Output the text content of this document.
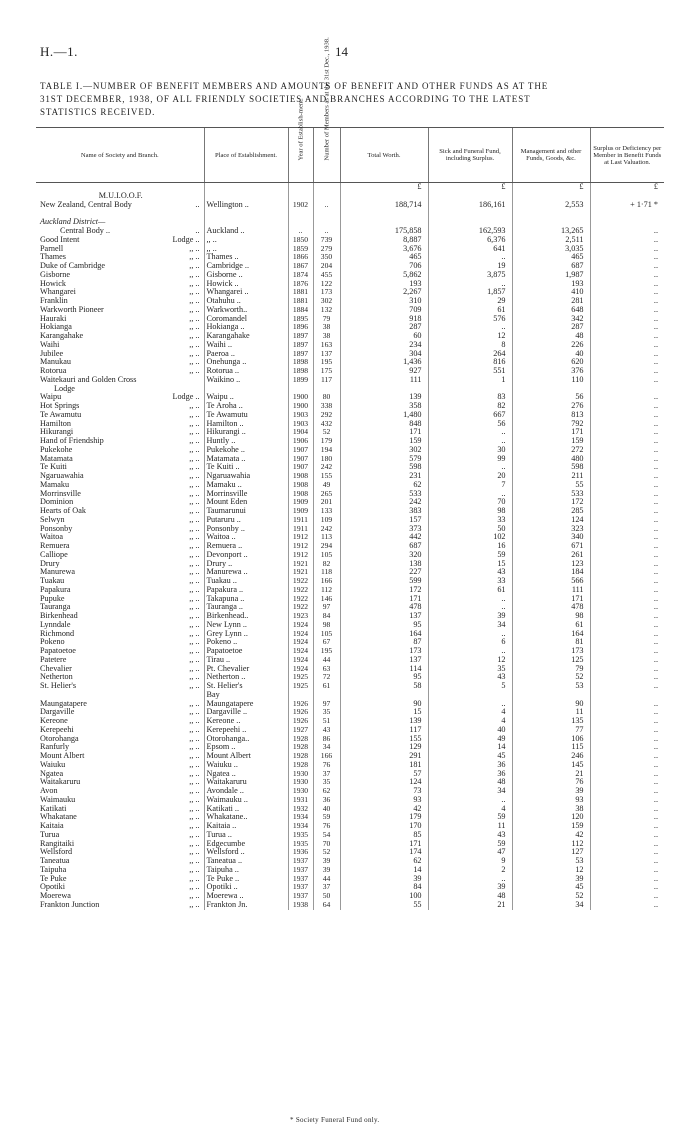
H.—1.	14
TABLE I.—NUMBER OF BENEFIT MEMBERS AND AMOUNTS OF BENEFIT AND OTHER FUNDS AS AT THE
31ST DECEMBER, 1938, OF ALL FRIENDLY SOCIETIES AND BRANCHES ACCORDING TO THE LATEST
STATISTICS RECEIVED.
Name of Society and Branch.	Place of Establishment.	Year of Establish-ment.	Number of Members as at the 31st Dec., 1938.	Total Worth.	Sick and Funeral Fund, including Surplus.	Management and other Funds, Goods, &c.	Surplus or Deficiency per Member in Benefit Funds at Last Valuation.
				£	£	£	£
M.U.I.O.O.F.							
New Zealand, Central Body ..	Wellington ..	1902	..	188,714	186,161	2,553	+ 1·71 *

Auckland District—							
Central Body .. ..	Auckland ..	..	..	175,858	162,593	13,265	..
Good Intent Lodge ..	,, ..	1850	739	8,887	6,376	2,511	..
Parnell ,, ..	,, ..	1859	279	3,676	641	3,035	..
Thames ,, ..	Thames ..	1866	350	465	..	465	..
Duke of Cambridge ,, ..	Cambridge ..	1867	204	706	19	687	..
Gisborne ,, ..	Gisborne ..	1874	455	5,862	3,875	1,987	..
Howick ,, ..	Howick ..	1876	122	193	..	193	..
Whangarei ,, ..	Whangarei ..	1881	173	2,267	1,857	410	..
Franklin ,, ..	Otahuhu ..	1881	302	310	29	281	..
Warkworth Pioneer ,, ..	Warkworth..	1884	132	709	61	648	..
Hauraki ,, ..	Coromandel	1895	79	918	576	342	..
Hokianga ,, ..	Hokianga ..	1896	38	287	..	287	..
Karangahake ,, ..	Karangahake	1897	38	60	12	48	..
Waihi ,, ..	Waihi ..	1897	163	234	8	226	..
Jubilee ,, ..	Paeroa ..	1897	137	304	264	40	..
Manukau ,, ..	Onehunga ..	1898	195	1,436	816	620	..
Rotorua ,, ..	Rotorua ..	1898	175	927	551	376	..
Waitekauri and Golden Cross	Waikino ..	1899	117	111	1	110	..
Lodge

Waipu Lodge ..	Waipu ..	1900	80	139	83	56	..
Hot Springs ,, ..	Te Aroha ..	1900	338	358	82	276	..
Te Awamutu ,, ..	Te Awamutu	1903	292	1,480	667	813	..
Hamilton ,, ..	Hamilton ..	1903	432	848	56	792	..
Hikurangi ,, ..	Hikurangi ..	1904	52	171	..	171	..
Hand of Friendship ,, ..	Huntly ..	1906	179	159	..	159	..
Pukekohe ,, ..	Pukekohe ..	1907	194	302	30	272	..
Matamata ,, ..	Matamata ..	1907	180	579	99	480	..
Te Kuiti ,, ..	Te Kuiti ..	1907	242	598	..	598	..
Ngaruawahia ,, ..	Ngaruawahia	1908	155	231	20	211	..
Mamaku ,, ..	Mamaku ..	1908	49	62	7	55	..
Morrinsville ,, ..	Morrinsville	1908	265	533	..	533	..
Dominion ,, ..	Mount Eden	1909	201	242	70	172	..
Hearts of Oak ,, ..	Taumarunui	1909	133	383	98	285	..
Selwyn ,, ..	Putaruru ..	1911	109	157	33	124	..
Ponsonby ,, ..	Ponsonby ..	1911	242	373	50	323	..
Waitoa ,, ..	Waitoa ..	1912	113	442	102	340	..
Remuera ,, ..	Remuera ..	1912	294	687	16	671	..
Calliope ,, ..	Devonport ..	1912	105	320	59	261	..
Drury ,, ..	Drury ..	1921	82	138	15	123	..
Manurewa ,, ..	Manurewa ..	1921	118	227	43	184	..
Tuakau ,, ..	Tuakau ..	1922	166	599	33	566	..
Papakura ,, ..	Papakura ..	1922	112	172	61	111	..
Pupuke ,, ..	Takapuna ..	1922	146	171	..	171	..
Tauranga ,, ..	Tauranga ..	1922	97	478	..	478	..
Birkenhead ,, ..	Birkenhead..	1923	84	137	39	98	..
Lynndale ,, ..	New Lynn ..	1924	98	95	34	61	..
Richmond ,, ..	Grey Lynn ..	1924	105	164	..	164	..
Pokeno ,, ..	Pokeno ..	1924	67	87	6	81	..
Papatoetoe ,, ..	Papatoetoe	1924	195	173	..	173	..
Patetere ,, ..	Tirau ..	1924	44	137	12	125	..
Chevalier ,, ..	Pt. Chevalier	1924	63	114	35	79	..
Netherton ,, ..	Netherton ..	1925	72	95	43	52	..
St. Helier's ,, ..	St. Helier's	1925	61	58	5	53	..

	Bay						
Maungatapere ,, ..	Maungatapere	1926	97	90	..	90	..
Dargaville ,, ..	Dargaville ..	1926	35	15	4	11	..
Kereone ,, ..	Kereone ..	1926	51	139	4	135	..
Kerepeehi ,, ..	Kerepeehi ..	1927	43	117	40	77	..
Otorohanga ,, ..	Otorohanga..	1928	86	155	49	106	..
Ranfurly ,, ..	Epsom ..	1928	34	129	14	115	..
Mount Albert ,, ..	Mount Albert	1928	166	291	45	246	..
Waiuku ,, ..	Waiuku ..	1928	76	181	36	145	..
Ngatea ,, ..	Ngatea ..	1930	37	57	36	21	..
Waitakaruru ,, ..	Waitakaruru	1930	35	124	48	76	..
Avon ,, ..	Avondale ..	1930	62	73	34	39	..
Waimauku ,, ..	Waimauku ..	1931	36	93	..	93	..
Katikati ,, ..	Katikati ..	1932	40	42	4	38	..
Whakatane ,, ..	Whakatane..	1934	59	179	59	120	..
Kaitaia ,, ..	Kaitaia ..	1934	76	170	11	159	..
Turua ,, ..	Turua ..	1935	54	85	43	42	..
Rangitaiki ,, ..	Edgecumbe	1935	70	171	59	112	..
Wellsford ,, ..	Wellsford ..	1936	52	174	47	127	..
Taneatua ,, ..	Taneatua ..	1937	39	62	9	53	..
Taipuha ,, ..	Taipuha ..	1937	39	14	2	12	..
Te Puke ,, ..	Te Puke ..	1937	44	39	..	39	..
Opotiki ,, ..	Opotiki ..	1937	37	84	39	45	..
Moerewa ,, ..	Moerewa ..	1937	50	100	48	52	..
Frankton Junction ,, ..	Frankton Jn.	1938	64	55	21	34	..
* Society Funeral Fund only.
